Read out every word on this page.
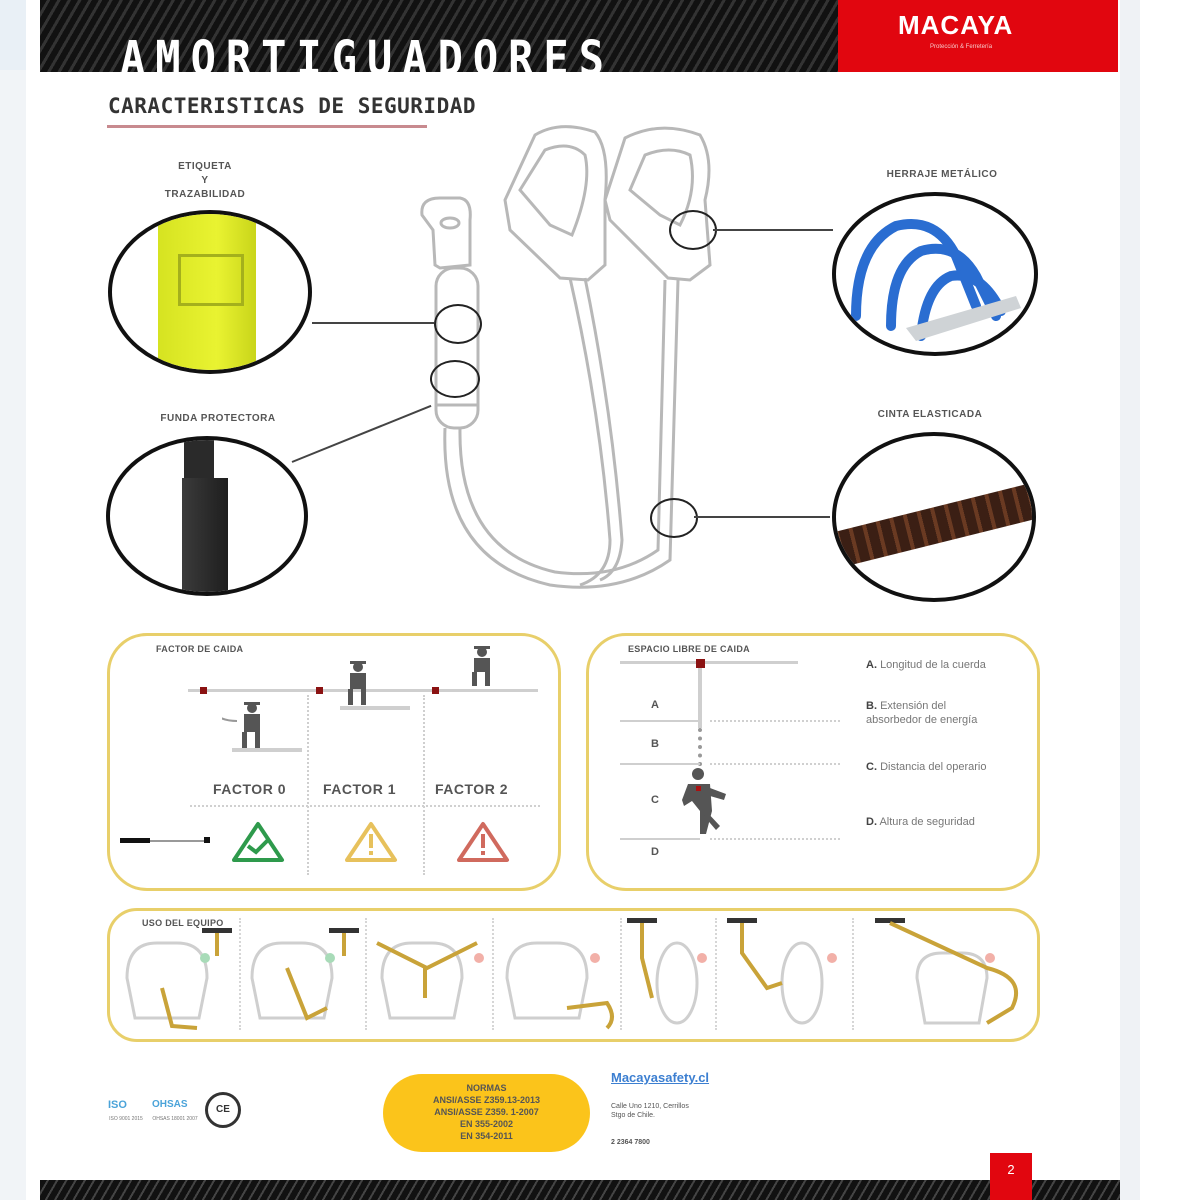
AMORTIGUADORES
MACAYA
Protección & Ferretería
CARACTERISTICAS DE SEGURIDAD
ETIQUETA
Y
TRAZABILIDAD
FUNDA PROTECTORA
HERRAJE METÁLICO
CINTA ELASTICADA
FACTOR DE CAIDA
FACTOR 0	FACTOR 1	FACTOR 2
ESPACIO LIBRE DE CAIDA
A
B
C
D
A. Longitud de la cuerda
B. Extensión del absorbedor de energía
C. Distancia del operario
D. Altura de seguridad
USO DEL EQUIPO
ISO
ISO 9001 2015
OHSAS
OHSAS 18001 2007
CE
NORMAS
ANSI/ASSE Z359.13-2013
ANSI/ASSE Z359. 1-2007
EN 355-2002
EN 354-2011
Macayasafety.cl
Calle Uno 1210, Cerrillos
Stgo de Chile.
2 2364 7800
2
